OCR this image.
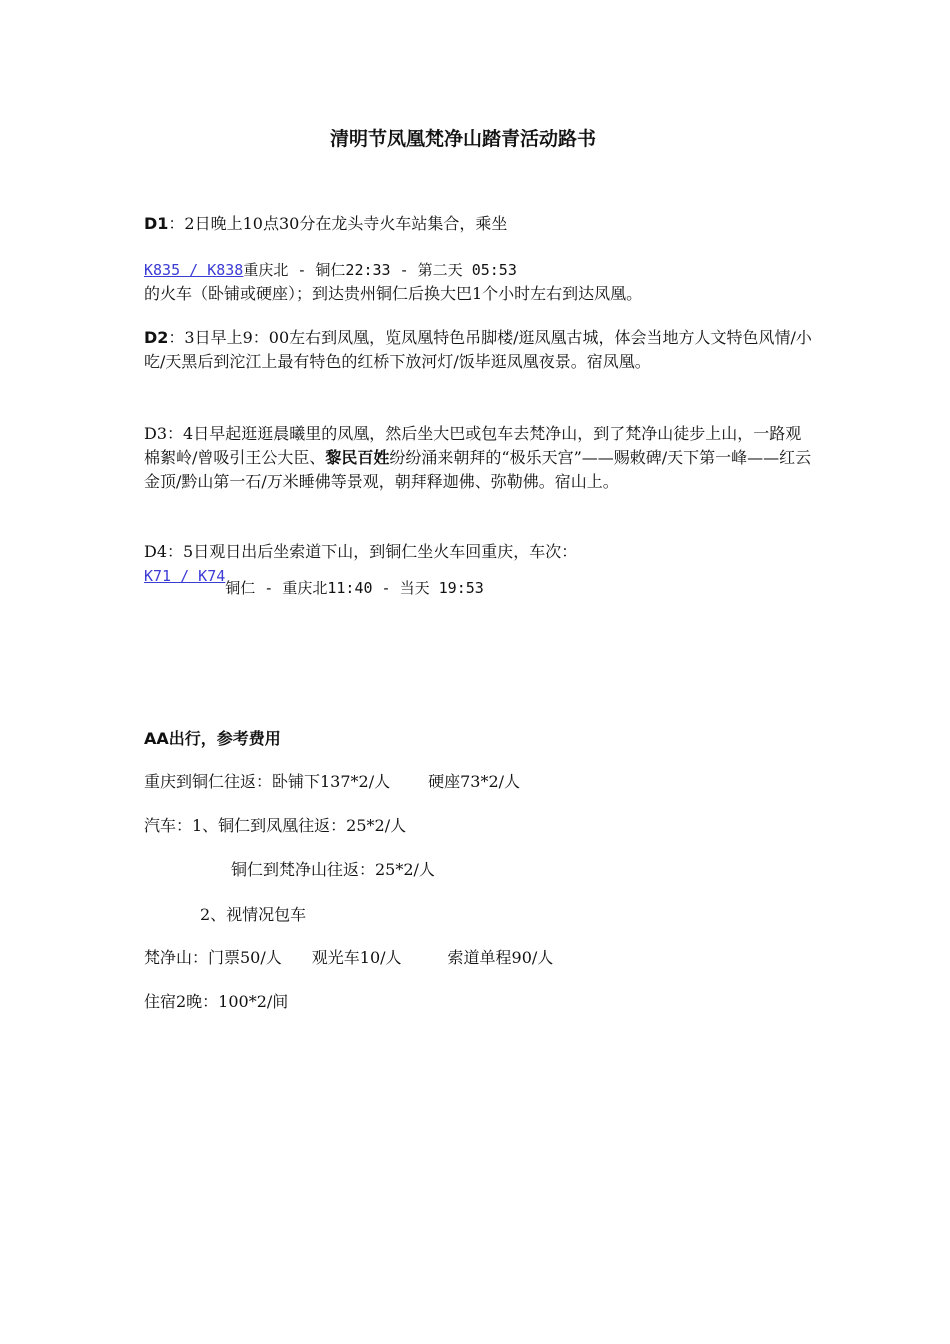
清明节凤凰梵净山踏青活动路书

D1：2日晚上10点30分在龙头寺火车站集合，乘坐

K835 / K838重庆北 - 铜仁22:33 - 第二天 05:53

的火车（卧铺或硬座）；到达贵州铜仁后换大巴1个小时左右到达凤凰。

D2：3日早上9：00左右到凤凰，览凤凰特色吊脚楼/逛凤凰古城，体会当地方人文特色风情/小吃/天黑后到沱江上最有特色的红桥下放河灯/饭毕逛凤凰夜景。宿凤凰。

D3：4日早起逛逛晨曦里的凤凰，然后坐大巴或包车去梵净山，到了梵净山徒步上山，一路观棉絮岭/曾吸引王公大臣、黎民百姓纷纷涌来朝拜的“极乐天宫”——赐敕碑/天下第一峰——红云金顶/黔山第一石/万米睡佛等景观，朝拜释迦佛、弥勒佛。宿山上。

D4：5日观日出后坐索道下山，到铜仁坐火车回重庆，车次：

K71 / K74铜仁 - 重庆北11:40 - 当天 19:53

AA出行，参考费用
重庆到铜仁往返：卧铺下137*2/人 硬座73*2/人
汽车：1、铜仁到凤凰往返：25*2/人
铜仁到梵净山往返：25*2/人
2、视情况包车
梵净山：门票50/人 观光车10/人	索道单程90/人
住宿2晚：100*2/间
